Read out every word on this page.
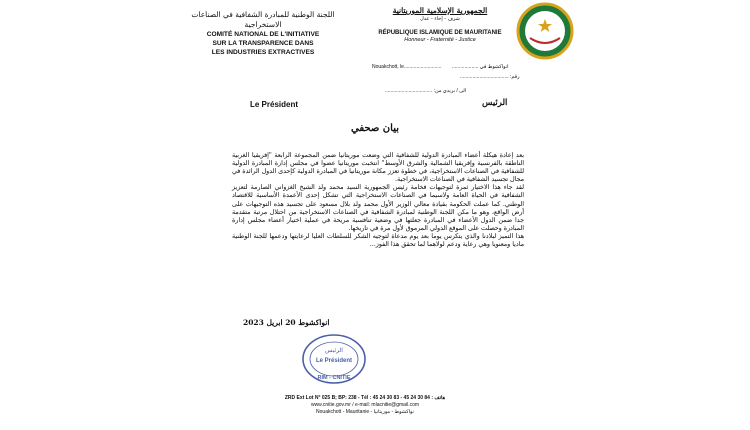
اللجنة الوطنية للمبادرة الشفافية في الصناعات الاستخراجية
COMITÉ NATIONAL DE L'INITIATIVE
SUR LA TRANSPARENCE DANS
LES INDUSTRIES EXTRACTIVES
الجمهورية الإسلامية الموريتانية
شرف - إخاء - عدل
RÉPUBLIQUE ISLAMIQUE DE MAURITANIE
Honneur - Fraternité - Justice
Nouakchott, le........................... انواكشوط في ...................
رقم: ...................................
الى / بريدي من: ..................................
Le Président	الرئيس
بيان صحفي

بعد إعادة هيكلة أعضاء المبادرة الدولية للشفافية التي وضعت موريتانيا ضمن المجموعة الرابعة "إفريقيا الغربية الناطقة بالفرنسية وإفريقيا الشمالية والشرق الأوسط" انتخبت موريتانيا عضوا في مجلس إدارة المبادرة الدولية للشفافية في الصناعات الاستخراجية، في خطوة تعزز مكانة موريتانيا في المبادرة الدولية كإحدى الدول الرائدة في مجال تجسيد الشفافية في الصناعات الاستخراجية.

لقد جاء هذا الاختيار ثمرة لتوجيهات فخامة رئيس الجمهورية السيد محمد ولد الشيخ الغزواني الصارمة لتعزيز الشفافية في الحياة العامة ولاسيما في الصناعات الاستخراجية التي تشكل إحدى الأعمدة الأساسية للاقتصاد الوطني. كما عملت الحكومة بقيادة معالي الوزير الأول محمد ولد بلال مسعود على تجسيد هذه التوجيهات على أرض الواقع، وهو ما مكن اللجنة الوطنية لمبادرة الشفافية في الصناعات الاستخراجية من احتلال مرتبة متقدمة جدا ضمن الدول الأعضاء في المبادرة جعلتها في وضعية تنافسية مريحة في عملية اختيار أعضاء مجلس إدارة المبادرة وحصلت على الموقع الدولي المرموق لأول مرة في تاريخها.

هذا التميز لبلادنا والذي يتكرس يوما بعد يوم مدعاة لتوجيه الشكر للسلطات العليا لرعايتها ودعمها للجنة الوطنية ماديا ومعنويا وهي رعاية ودعم لولاهما لما تحقق هذا الفوز...

انواكشوط 20 ابريل 2023
الرئيس
Le Président
RIM - CNITIE
ZRD Ext Lot N° 025 B; BP: 238 - Tél : 45 24 30 83 - 45 24 30 84 : هاتف
www.cnitie.gov.mr / e-mail: mlacnitie@gmail.com
Nouakchott - Mauritanie - نواكشوط - موريتانيا
